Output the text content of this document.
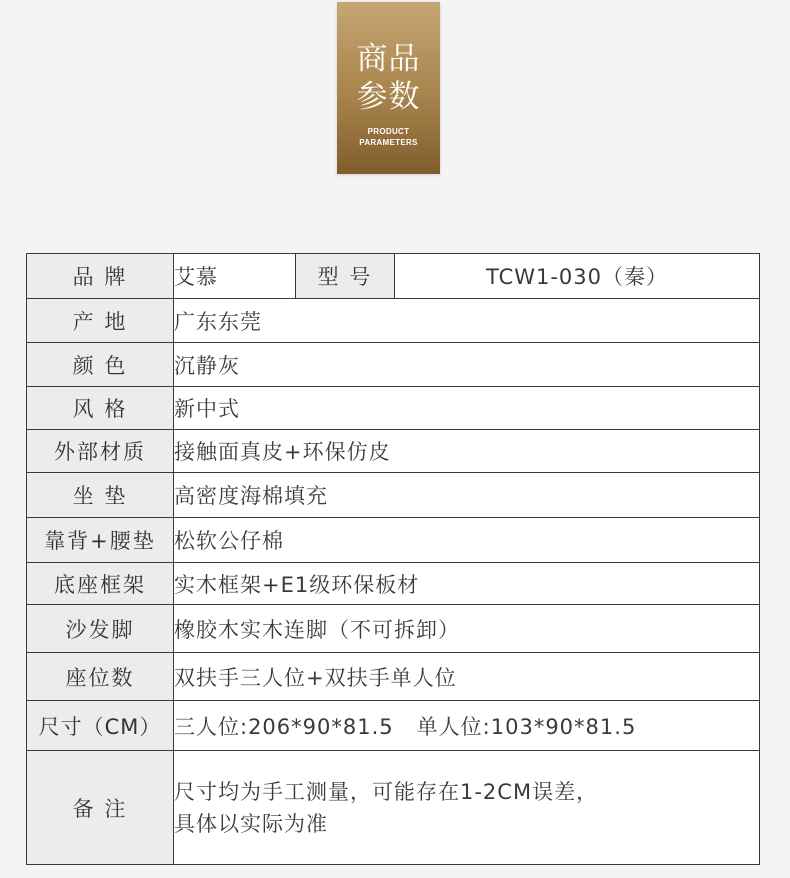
商品
参数
PRODUCT
PARAMETERS
品 牌	艾慕	型 号	TCW1-030（秦）
产 地	广东东莞		
颜 色	沉静灰		
风 格	新中式		
外部材质	接触面真皮+环保仿皮		
坐 垫	高密度海棉填充		
靠背+腰垫	松软公仔棉		
底座框架	实木框架+E1级环保板材		
沙发脚	橡胶木实木连脚（不可拆卸）		
座位数	双扶手三人位+双扶手单人位		
尺寸（CM）	三人位:206*90*81.5   单人位:103*90*81.5		
备 注	尺寸均为手工测量，可能存在1-2CM误差，
具体以实际为准		
